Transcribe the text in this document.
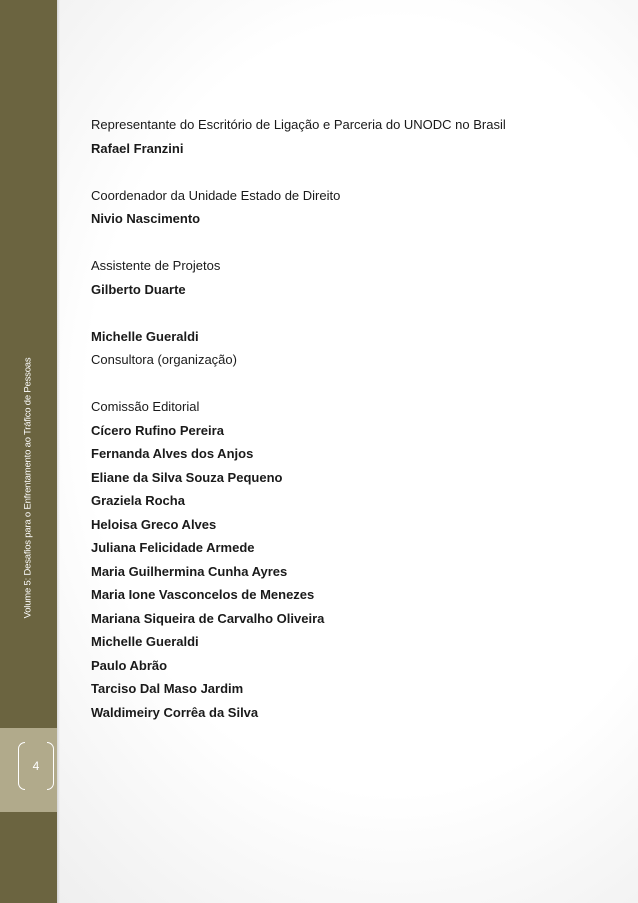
Volume 5: Desafios para o Enfrentamento ao Tráfico de Pessoas
4
Representante do Escritório de Ligação e Parceria do UNODC no Brasil
Rafael Franzini
Coordenador da Unidade Estado de Direito
Nivio Nascimento
Assistente de Projetos
Gilberto Duarte
Michelle Gueraldi
Consultora (organização)
Comissão Editorial
Cícero Rufino Pereira
Fernanda Alves dos Anjos
Eliane da Silva Souza Pequeno
Graziela Rocha
Heloisa Greco Alves
Juliana Felicidade Armede
Maria Guilhermina Cunha Ayres
Maria Ione Vasconcelos de Menezes
Mariana Siqueira de Carvalho Oliveira
Michelle Gueraldi
Paulo Abrão
Tarciso Dal Maso Jardim
Waldimeiry Corrêa da Silva
